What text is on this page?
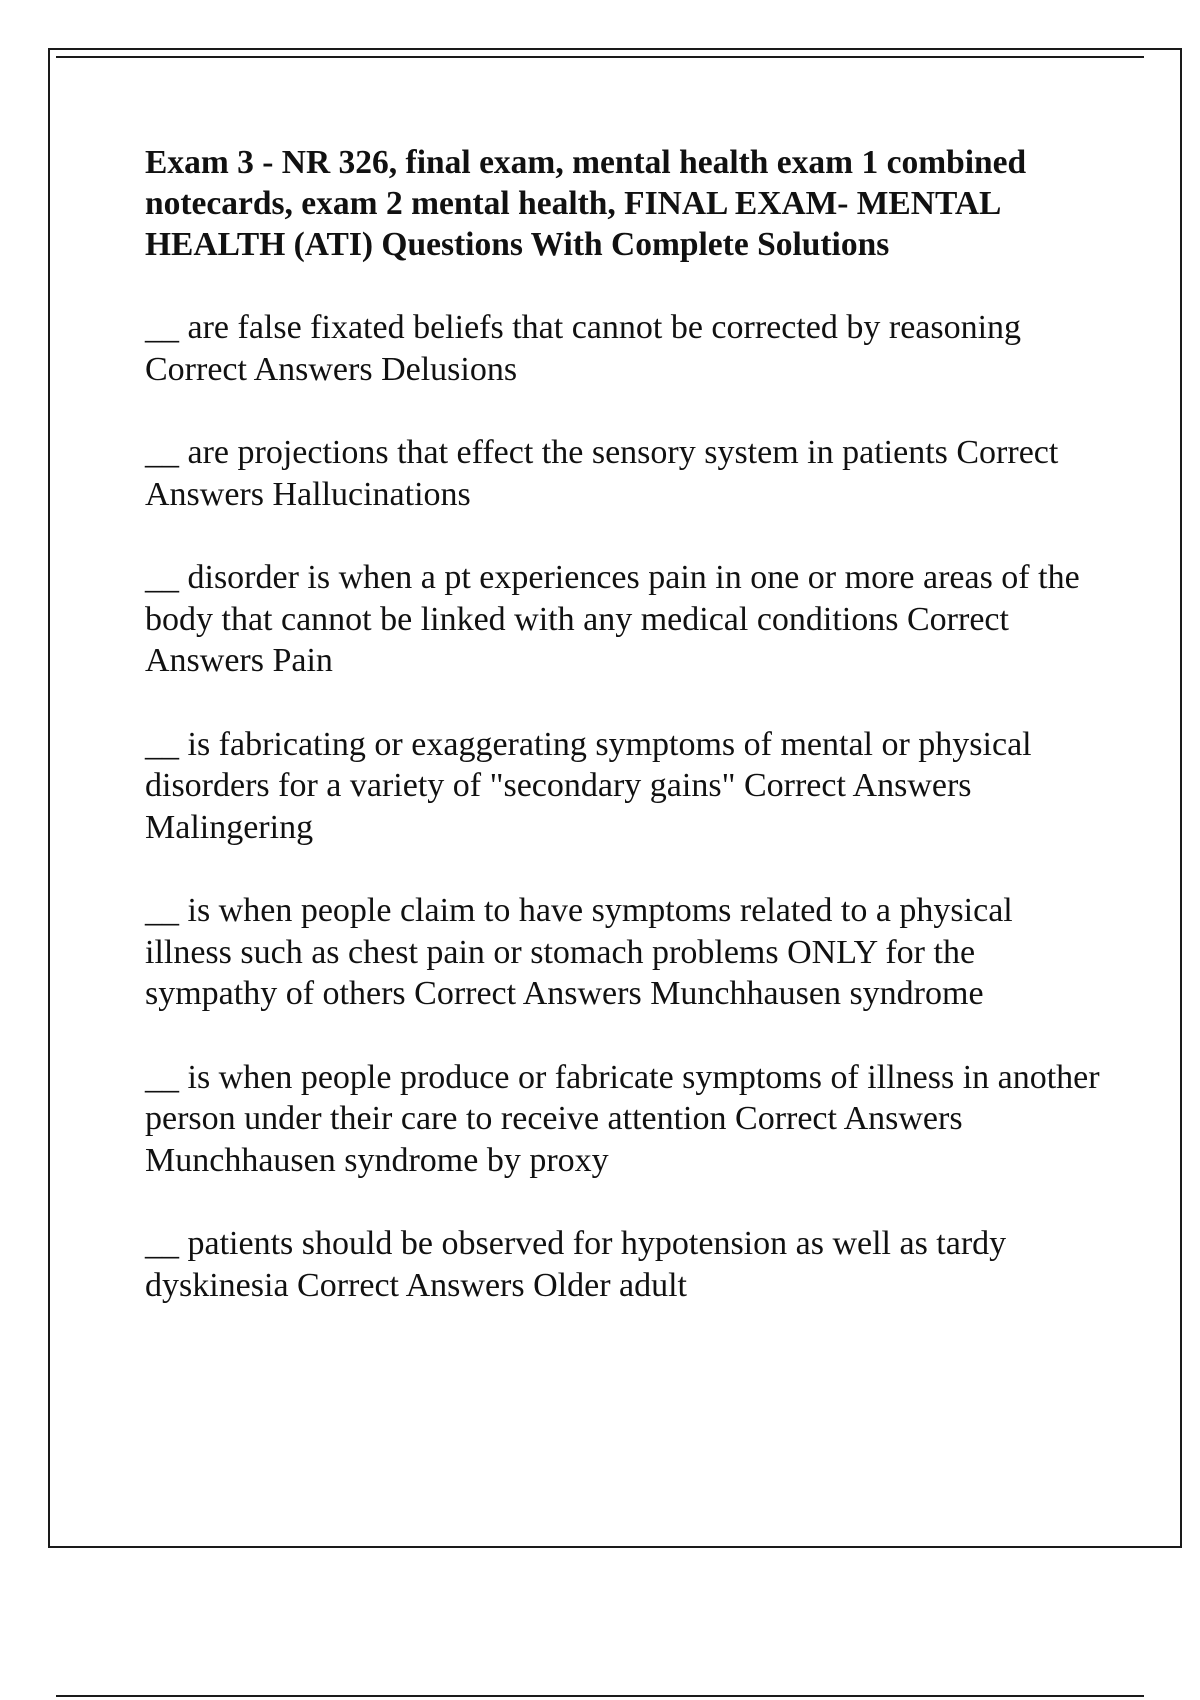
Exam 3 - NR 326, final exam, mental health exam 1 combined notecards, exam 2 mental health, FINAL EXAM- MENTAL HEALTH (ATI) Questions With Complete Solutions
__ are false fixated beliefs that cannot be corrected by reasoning Correct Answers Delusions
__ are projections that effect the sensory system in patients Correct Answers Hallucinations
__ disorder is when a pt experiences pain in one or more areas of the body that cannot be linked with any medical conditions Correct Answers Pain
__ is fabricating or exaggerating symptoms of mental or physical disorders for a variety of "secondary gains" Correct Answers Malingering
__ is when people claim to have symptoms related to a physical illness such as chest pain or stomach problems ONLY for the sympathy of others Correct Answers Munchhausen syndrome
__ is when people produce or fabricate symptoms of illness in another person under their care to receive attention Correct Answers Munchhausen syndrome by proxy
__ patients should be observed for hypotension as well as tardy dyskinesia Correct Answers Older adult
